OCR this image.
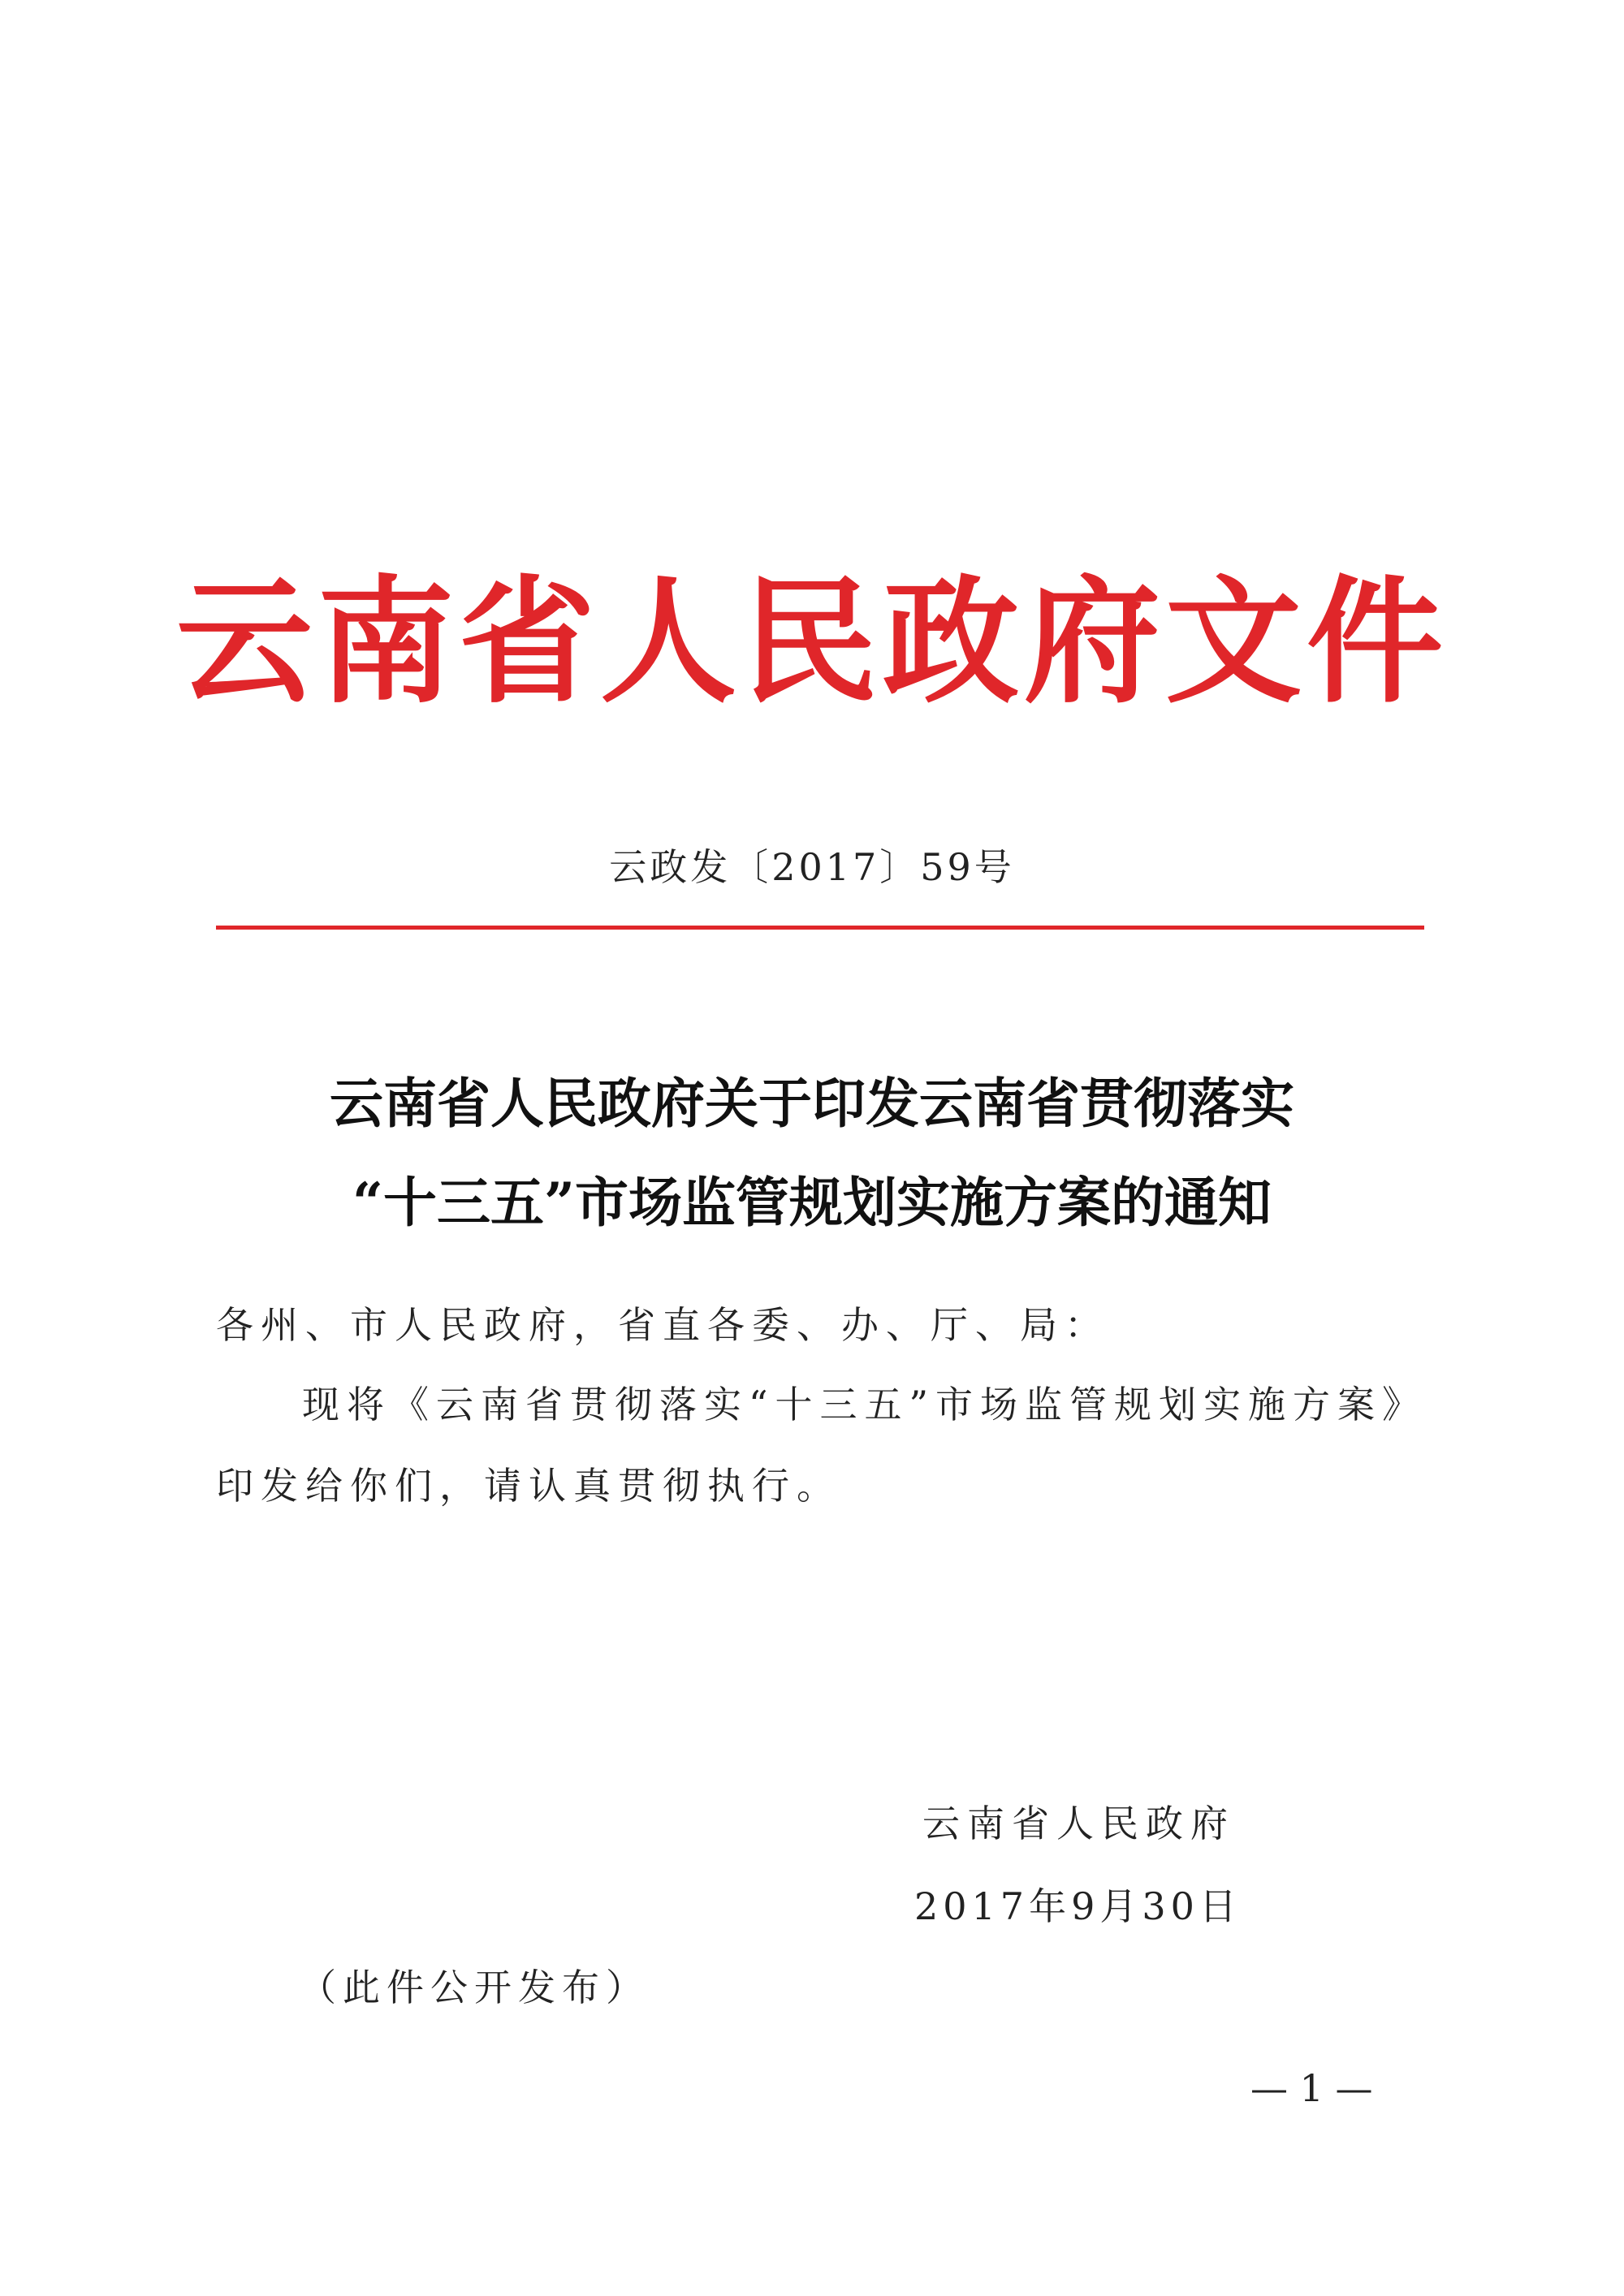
云南省人民政府文件
云政发〔2017〕59号
云南省人民政府关于印发云南省贯彻落实
“十三五”市场监管规划实施方案的通知
各州、市人民政府，省直各委、办、厅、局：
现将《云南省贯彻落实“十三五”市场监管规划实施方案》
印发给你们，请认真贯彻执行。
云南省人民政府
2017年9月30日
（此件公开发布）
— 1 —
